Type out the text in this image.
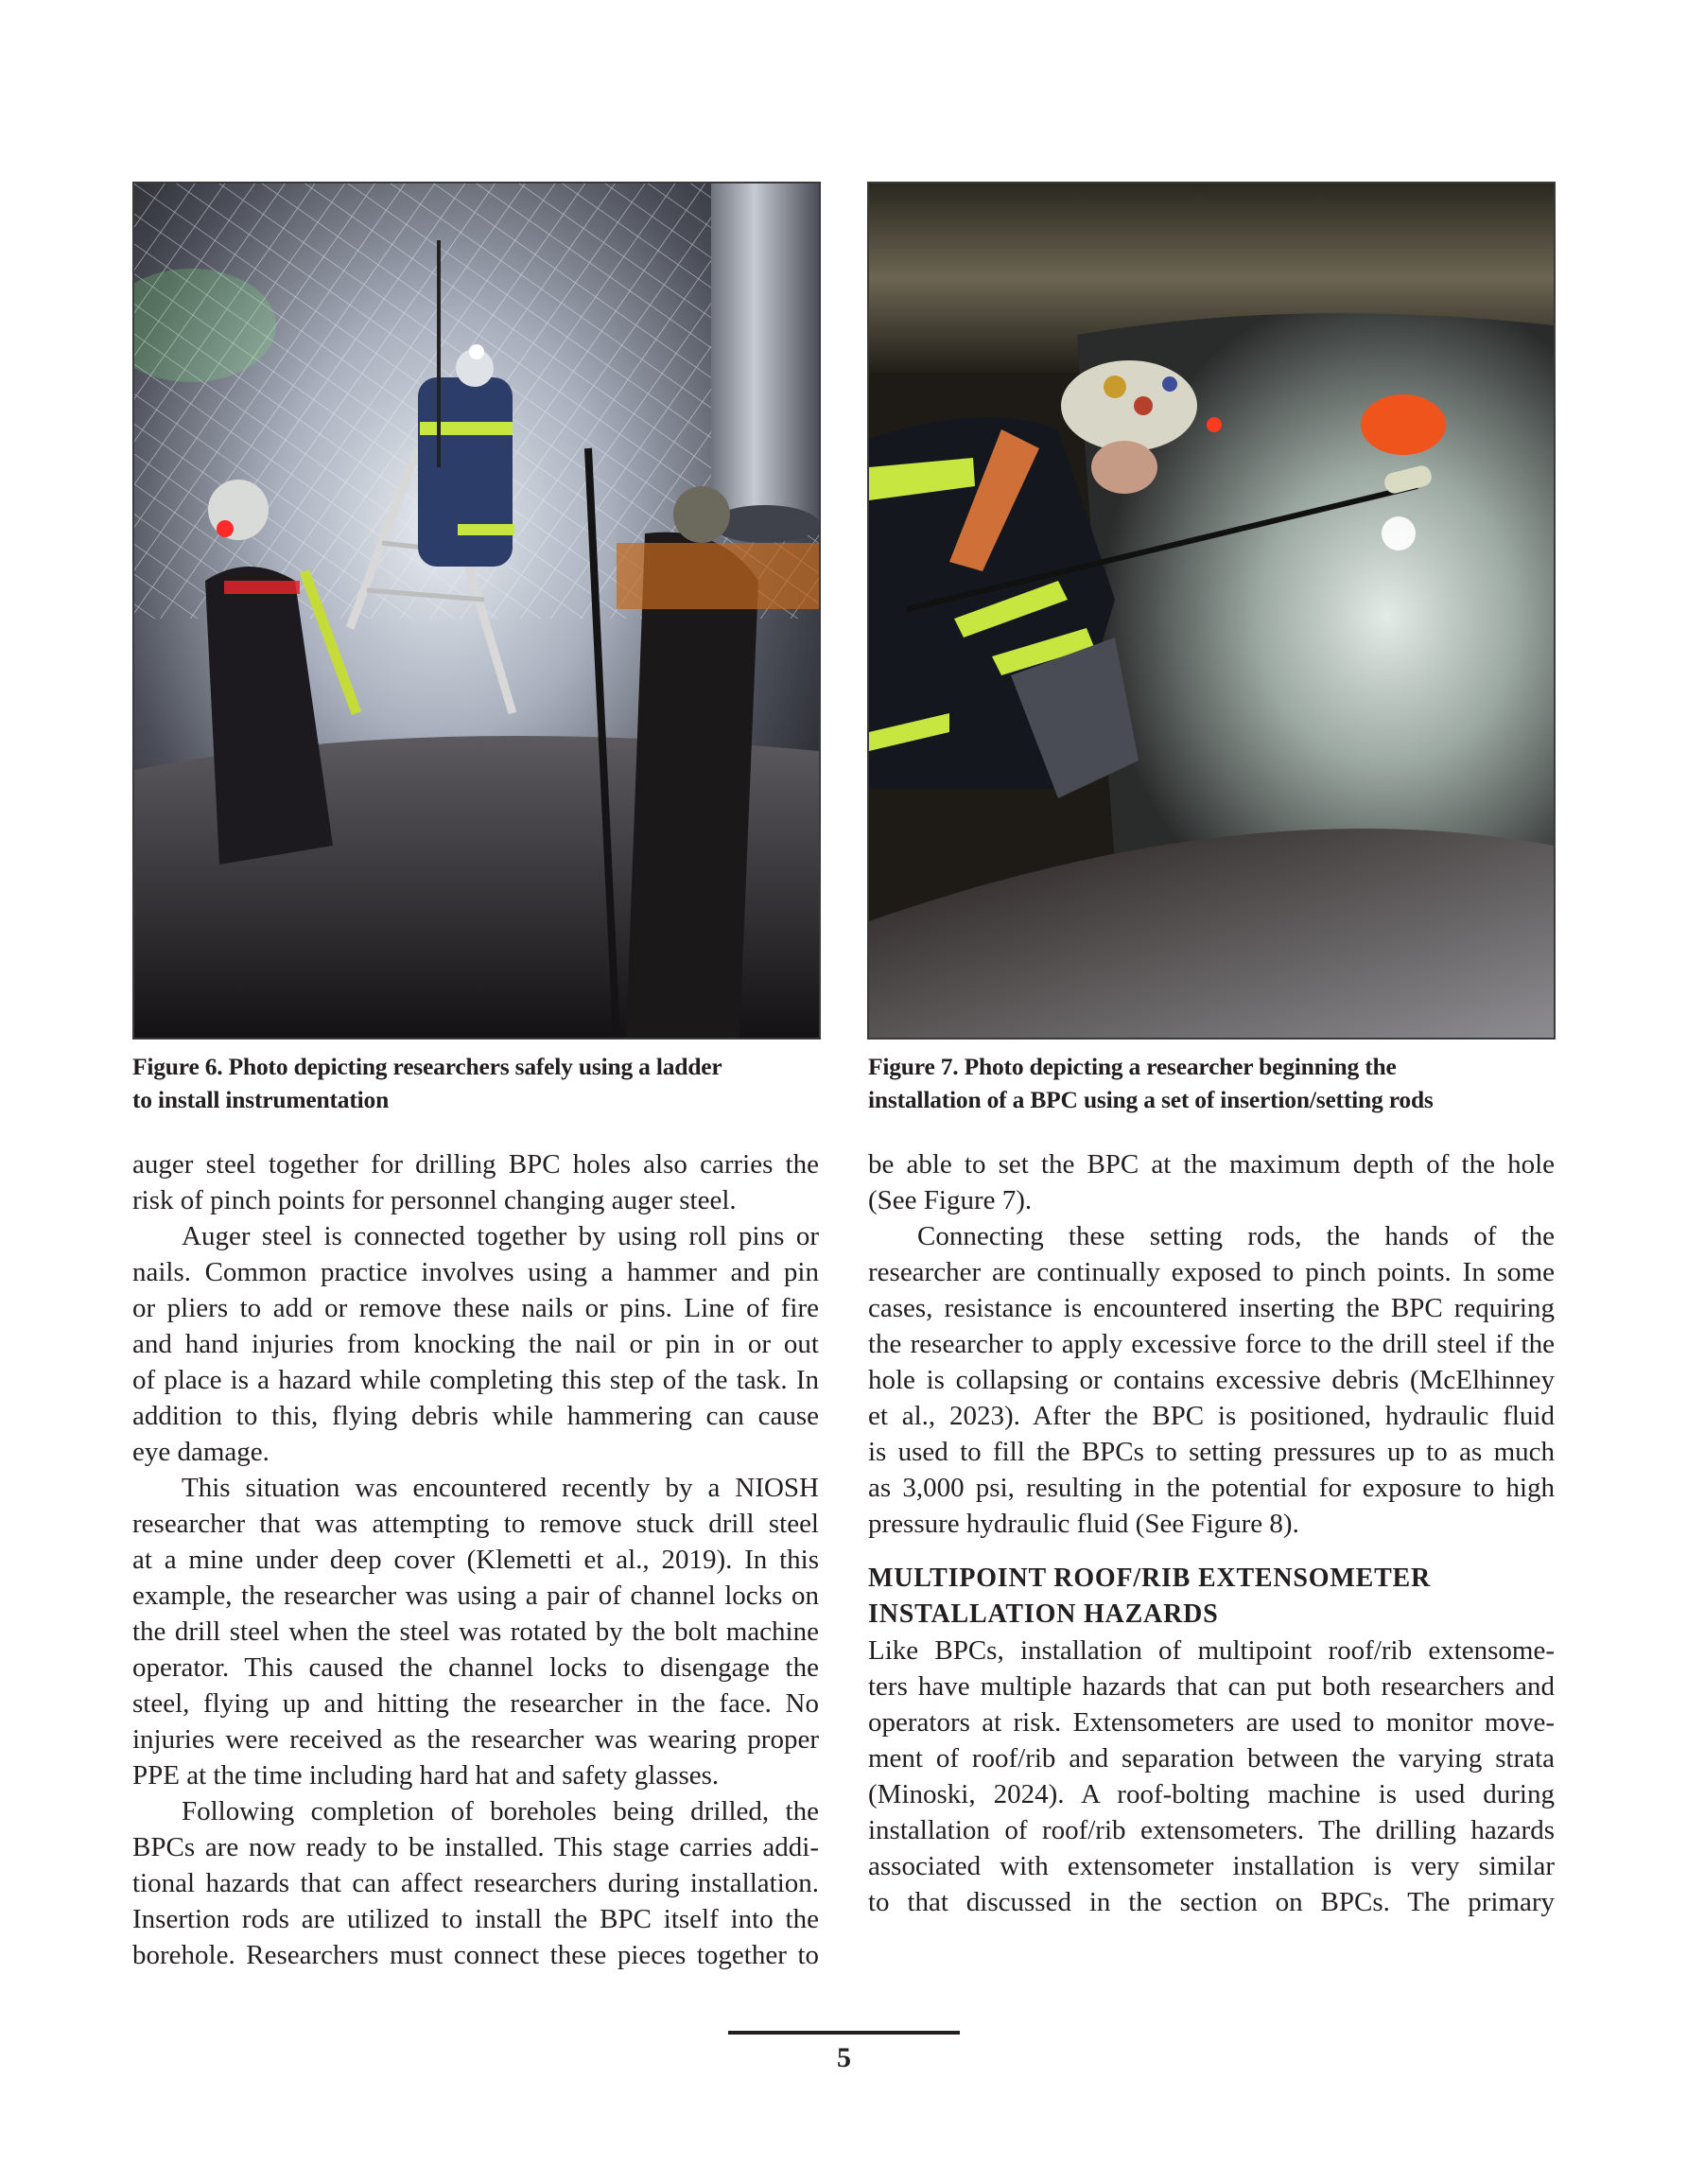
Figure 6. Photo depicting researchers safely using a ladder
to install instrumentation
Figure 7. Photo depicting a researcher beginning the
installation of a BPC using a set of insertion/setting rods
auger steel together for drilling BPC holes also carries the
risk of pinch points for personnel changing auger steel.
Auger steel is connected together by using roll pins or
nails. Common practice involves using a hammer and pin
or pliers to add or remove these nails or pins. Line of fire
and hand injuries from knocking the nail or pin in or out
of place is a hazard while completing this step of the task. In
addition to this, flying debris while hammering can cause
eye damage.
This situation was encountered recently by a NIOSH
researcher that was attempting to remove stuck drill steel
at a mine under deep cover (Klemetti et al., 2019). In this
example, the researcher was using a pair of channel locks on
the drill steel when the steel was rotated by the bolt machine
operator. This caused the channel locks to disengage the
steel, flying up and hitting the researcher in the face. No
injuries were received as the researcher was wearing proper
PPE at the time including hard hat and safety glasses.
Following completion of boreholes being drilled, the
BPCs are now ready to be installed. This stage carries addi-
tional hazards that can affect researchers during installation.
Insertion rods are utilized to install the BPC itself into the
borehole. Researchers must connect these pieces together to
be able to set the BPC at the maximum depth of the hole
(See Figure 7).
Connecting these setting rods, the hands of the
researcher are continually exposed to pinch points. In some
cases, resistance is encountered inserting the BPC requiring
the researcher to apply excessive force to the drill steel if the
hole is collapsing or contains excessive debris (McElhinney
et al., 2023). After the BPC is positioned, hydraulic fluid
is used to fill the BPCs to setting pressures up to as much
as 3,000 psi, resulting in the potential for exposure to high
pressure hydraulic fluid (See Figure 8).
MULTIPOINT ROOF/RIB EXTENSOMETER
INSTALLATION HAZARDS
Like BPCs, installation of multipoint roof/rib extensome-
ters have multiple hazards that can put both researchers and
operators at risk. Extensometers are used to monitor move-
ment of roof/rib and separation between the varying strata
(Minoski, 2024). A roof-bolting machine is used during
installation of roof/rib extensometers. The drilling hazards
associated with extensometer installation is very similar
to that discussed in the section on BPCs. The primary
5
